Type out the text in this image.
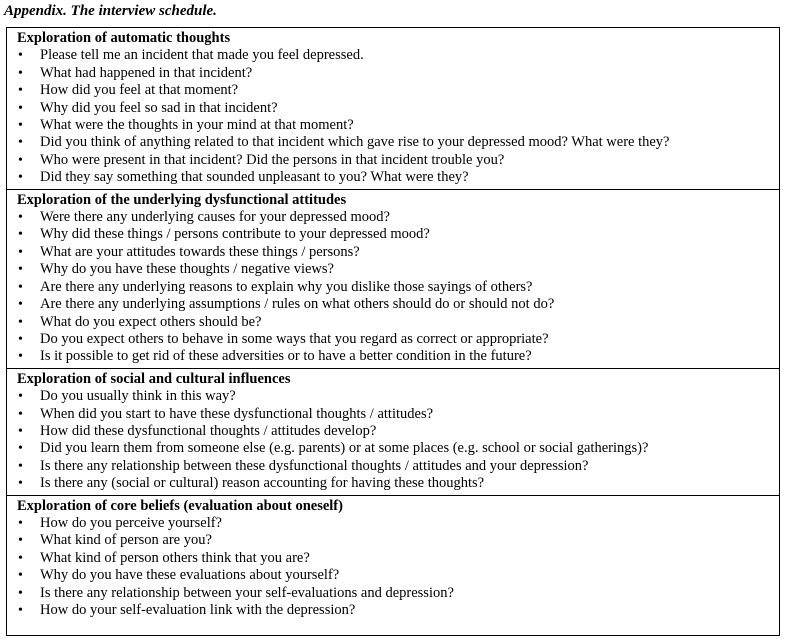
Appendix. The interview schedule.
Exploration of automatic thoughts
• Please tell me an incident that made you feel depressed.
• What had happened in that incident?
• How did you feel at that moment?
• Why did you feel so sad in that incident?
• What were the thoughts in your mind at that moment?
• Did you think of anything related to that incident which gave rise to your depressed mood? What were they?
• Who were present in that incident? Did the persons in that incident trouble you?
• Did they say something that sounded unpleasant to you? What were they?
Exploration of the underlying dysfunctional attitudes
• Were there any underlying causes for your depressed mood?
• Why did these things / persons contribute to your depressed mood?
• What are your attitudes towards these things / persons?
• Why do you have these thoughts / negative views?
• Are there any underlying reasons to explain why you dislike those sayings of others?
• Are there any underlying assumptions / rules on what others should do or should not do?
• What do you expect others should be?
• Do you expect others to behave in some ways that you regard as correct or appropriate?
• Is it possible to get rid of these adversities or to have a better condition in the future?
Exploration of social and cultural influences
• Do you usually think in this way?
• When did you start to have these dysfunctional thoughts / attitudes?
• How did these dysfunctional thoughts / attitudes develop?
• Did you learn them from someone else (e.g. parents) or at some places (e.g. school or social gatherings)?
• Is there any relationship between these dysfunctional thoughts / attitudes and your depression?
• Is there any (social or cultural) reason accounting for having these thoughts?
Exploration of core beliefs (evaluation about oneself)
• How do you perceive yourself?
• What kind of person are you?
• What kind of person others think that you are?
• Why do you have these evaluations about yourself?
• Is there any relationship between your self-evaluations and depression?
• How do your self-evaluation link with the depression?
